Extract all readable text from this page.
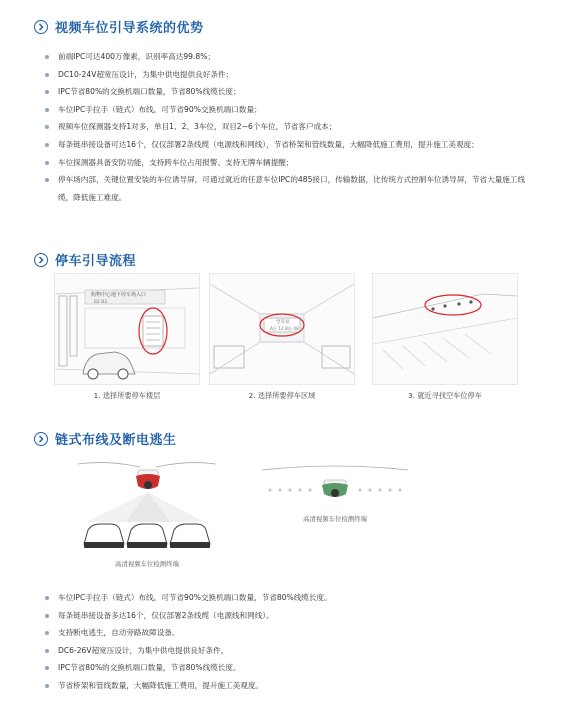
视频车位引导系统的优势
前端IPC可达400万像素，识别率高达99.8%；
DC10-24V超宽压设计，为集中供电提供良好条件；
IPC节省80%的交换机端口数量，节省80%线缆长度；
车位IPC手拉手（链式）布线，可节省90%交换机端口数量；
视频车位探测器支持1对多，单目1、2、3车位，双目2~6个车位，节省客户成本；
每条链串接设备可达16个，仅仅部署2条线缆（电源线和网线），节省桥架和管线数量，大幅降低施工费用，提升施工美观度；
车位探测器具备安防功能，支持跨车位占用报警、支持无牌车辆提醒；
停车场内部，关键位置安装的车位诱导屏，可通过就近的任意车位IPC的485接口，传输数据，比传统方式控制车位诱导屏，节省大量施工线缆，降低施工难度。
停车引导流程
购物中心地下停车场入口
B2 B3
1. 选择所要停车楼层
空车位
A区 12 B区 08
2. 选择所要停车区域	3. 就近寻找空车位停车
链式布线及断电逃生
高清视频车位检测终端
高清视频车位检测终端
车位IPC手拉手（链式）布线，可节省90%交换机端口数量，节省80%线缆长度。
每条链串接设备多达16个，仅仅部署2条线缆（电源线和网线）。
支持断电逃生，自动旁路故障设备。
DC6-26V超宽压设计，为集中供电提供良好条件。
IPC节省80%的交换机端口数量，节省80%线缆长度。
节省桥架和管线数量，大幅降低施工费用，提升施工美观度。
